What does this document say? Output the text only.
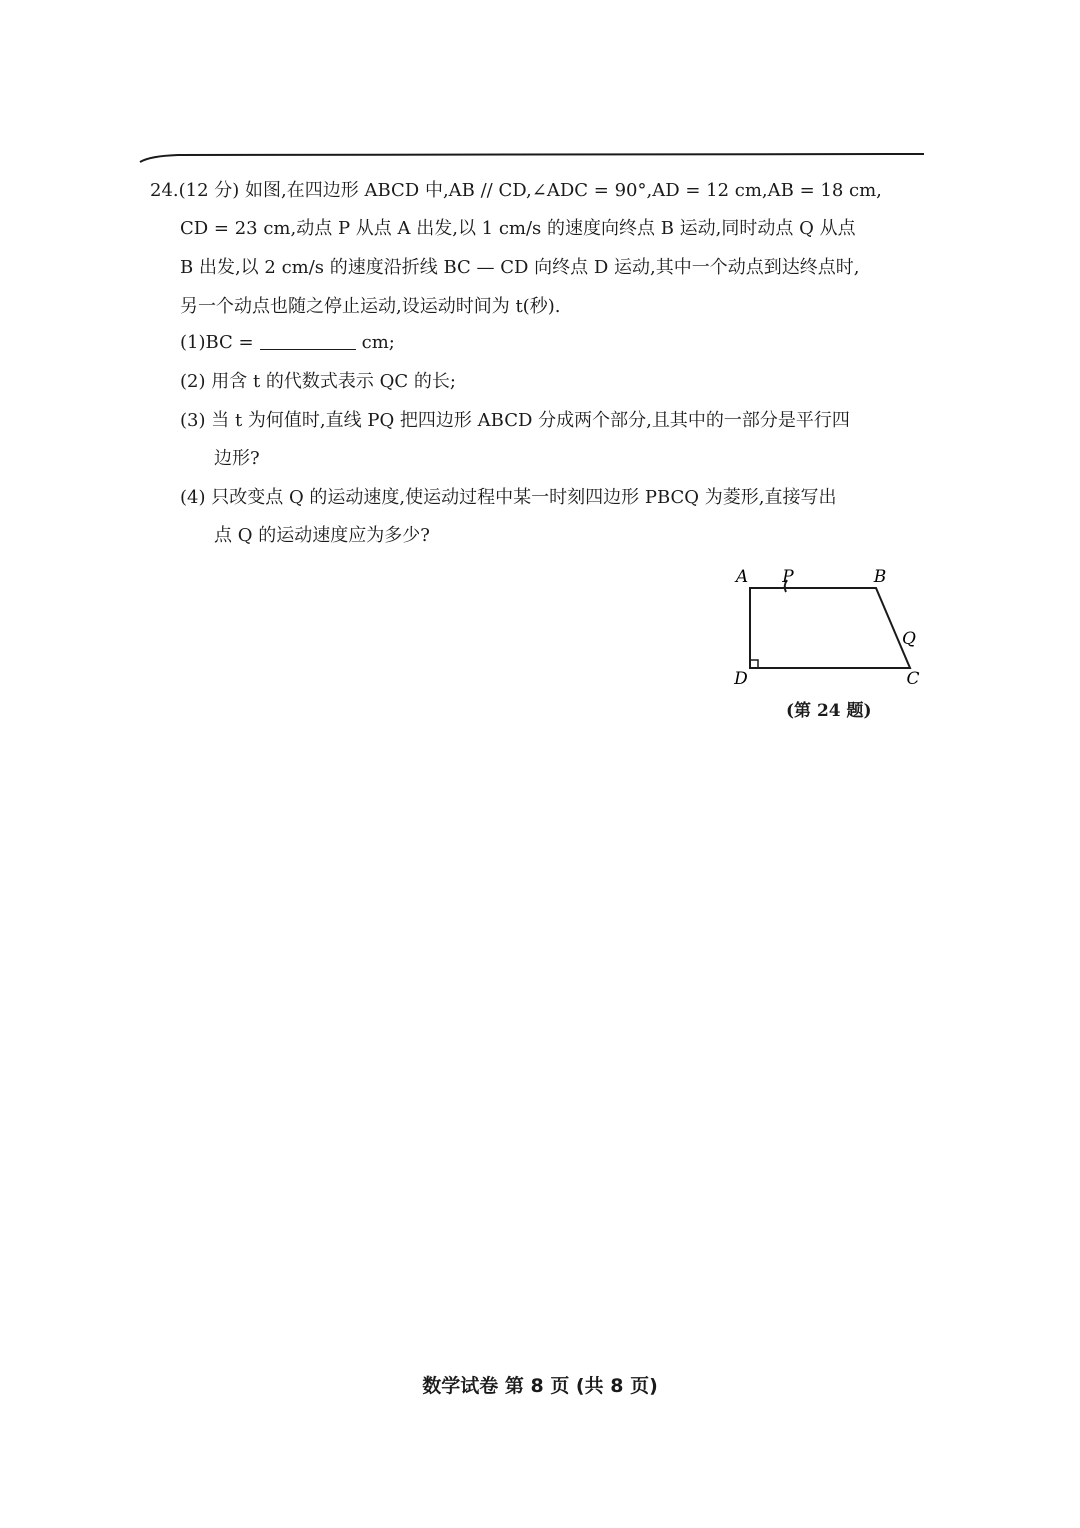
24.(12 分) 如图,在四边形 ABCD 中,AB // CD,∠ADC = 90°,AD = 12 cm,AB = 18 cm,
CD = 23 cm,动点 P 从点 A 出发,以 1 cm/s 的速度向终点 B 运动,同时动点 Q 从点
B 出发,以 2 cm/s 的速度沿折线 BC — CD 向终点 D 运动,其中一个动点到达终点时,
另一个动点也随之停止运动,设运动时间为 t(秒).
(1)BC =	cm;
(2) 用含 t 的代数式表示 QC 的长;
(3) 当 t 为何值时,直线 PQ 把四边形 ABCD 分成两个部分,且其中的一部分是平行四
边形?
(4) 只改变点 Q 的运动速度,使运动过程中某一时刻四边形 PBCQ 为菱形,直接写出
点 Q 的运动速度应为多少?
A P	B
Q
D	C
(第 24 题)
数学试卷 第 8 页 (共 8 页)
